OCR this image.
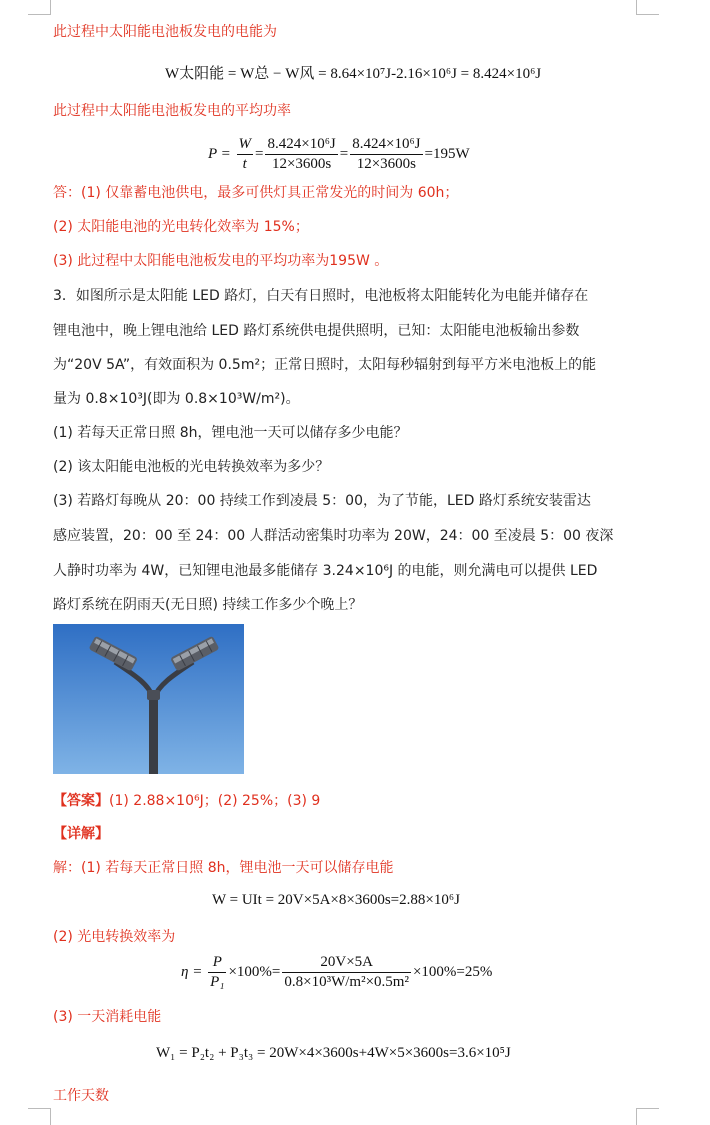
此过程中太阳能电池板发电的电能为
W太阳能 = W总 − W风 = 8.64×10⁷J-2.16×10⁶J = 8.424×10⁶J
此过程中太阳能电池板发电的平均功率
$P = \frac{W}{t} = \frac{\text{8.424×10⁶J}}{12\times 3600s} = \frac{\text{8.424×10⁶J}}{12\times 3600s} =195W$
答：(1) 仅靠蓄电池供电，最多可供灯具正常发光的时间为 60h；
(2) 太阳能电池的光电转化效率为 15%；
(3) 此过程中太阳能电池板发电的平均功率为195W 。
3．如图所示是太阳能 LED 路灯，白天有日照时，电池板将太阳能转化为电能并储存在
锂电池中，晚上锂电池给 LED 路灯系统供电提供照明，已知：太阳能电池板输出参数
为“20V 5A”，有效面积为 0.5m²；正常日照时，太阳每秒辐射到每平方米电池板上的能
量为 0.8×10³J(即为 0.8×10³W/m²)。
(1) 若每天正常日照 8h，锂电池一天可以储存多少电能？
(2) 该太阳能电池板的光电转换效率为多少？
(3) 若路灯每晚从 20：00 持续工作到凌晨 5：00，为了节能，LED 路灯系统安装雷达
感应装置，20：00 至 24：00 人群活动密集时功率为 20W，24：00 至凌晨 5：00 夜深
人静时功率为 4W，已知锂电池最多能储存 3.24×10⁶J 的电能，则允满电可以提供 LED
路灯系统在阴雨天(无日照) 持续工作多少个晚上？
【答案】(1) 2.88×10⁶J；(2) 25%；(3) 9
【详解】
解：(1) 若每天正常日照 8h，锂电池一天可以储存电能
W = UIt = 20V×5A×8×3600s=2.88×10⁶J
(2) 光电转换效率为
$\eta = \frac{P}{\text{P₁}} \times 100\%= \frac{20V\times 5A}{\text{0.8×10³W/m²×0.5m²}} \times 100\%=25\%$
(3) 一天消耗电能
W₁ = P₂t₂ + P₃t₃ = 20W×4×3600s+4W×5×3600s=3.6×10⁵J
工作天数
